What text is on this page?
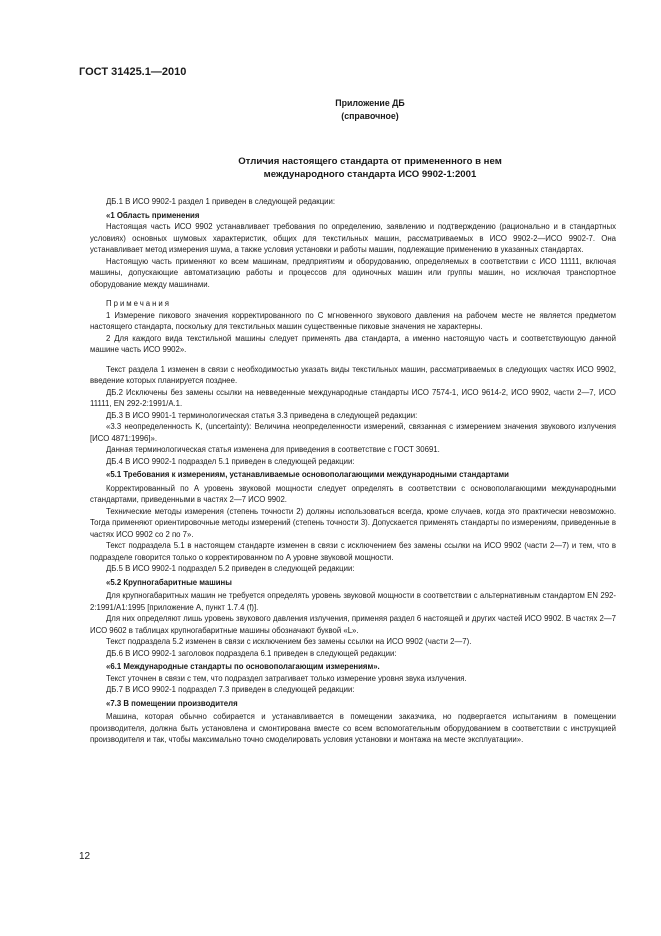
ГОСТ 31425.1—2010
Приложение ДБ
(справочное)
Отличия настоящего стандарта от примененного в нем
международного стандарта ИСО 9902-1:2001

ДБ.1 В ИСО 9902-1 раздел 1 приведен в следующей редакции:

«1 Область применения

Настоящая часть ИСО 9902 устанавливает требования по определению, заявлению и подтверждению (рационально и в стандартных условиях) основных шумовых характеристик, общих для текстильных машин, рассматриваемых в ИСО 9902-2—ИСО 9902-7. Она устанавливает метод измерения шума, а также условия установки и работы машин, подлежащие применению в указанных стандартах.

Настоящую часть применяют ко всем машинам, предприятиям и оборудованию, определяемых в соответствии с ИСО 11111, включая машины, допускающие автоматизацию работы и процессов для одиночных машин или группы машин, но исключая транспортное оборудование между машинами.

Примечания

1 Измерение пикового значения корректированного по С мгновенного звукового давления на рабочем месте не является предметом настоящего стандарта, поскольку для текстильных машин существенные пиковые значения не характерны.

2 Для каждого вида текстильной машины следует применять два стандарта, а именно настоящую часть и соответствующую данной машине часть ИСО 9902».

Текст раздела 1 изменен в связи с необходимостью указать виды текстильных машин, рассматриваемых в следующих частях ИСО 9902, введение которых планируется позднее.

ДБ.2 Исключены без замены ссылки на невведенные международные стандарты ИСО 7574-1, ИСО 9614-2, ИСО 9902, части 2—7, ИСО 11111, EN 292-2:1991/A.1.

ДБ.3 В ИСО 9901-1 терминологическая статья 3.3 приведена в следующей редакции:

«3.3 неопределенность K, (uncertainty): Величина неопределенности измерений, связанная с измерением значения звукового излучения [ИСО 4871:1996]».

Данная терминологическая статья изменена для приведения в соответствие с ГОСТ 30691.

ДБ.4 В ИСО 9902-1 подраздел 5.1 приведен в следующей редакции:

«5.1 Требования к измерениям, устанавливаемые основополагающими международными стандартами

Корректированный по А уровень звуковой мощности следует определять в соответствии с основополагающими международными стандартами, приведенными в частях 2—7 ИСО 9902.

Технические методы измерения (степень точности 2) должны использоваться всегда, кроме случаев, когда это практически невозможно. Тогда применяют ориентировочные методы измерений (степень точности 3). Допускается применять стандарты по измерениям, приведенные в частях ИСО 9902 со 2 по 7».

Текст подраздела 5.1 в настоящем стандарте изменен в связи с исключением без замены ссылки на ИСО 9902 (части 2—7) и тем, что в подразделе говорится только о корректированном по А уровне звуковой мощности.

ДБ.5 В ИСО 9902-1 подраздел 5.2 приведен в следующей редакции:

«5.2 Крупногабаритные машины

Для крупногабаритных машин не требуется определять уровень звуковой мощности в соответствии с альтернативным стандартом EN 292-2:1991/A1:1995 [приложение А, пункт 1.7.4 (f)].

Для них определяют лишь уровень звукового давления излучения, применяя раздел 6 настоящей и других частей ИСО 9902. В частях 2—7 ИСО 9602 в таблицах крупногабаритные машины обозначают буквой «L».

Текст подраздела 5.2 изменен в связи с исключением без замены ссылки на ИСО 9902 (части 2—7).

ДБ.6 В ИСО 9902-1 заголовок подраздела 6.1 приведен в следующей редакции:

«6.1 Международные стандарты по основополагающим измерениям».

Текст уточнен в связи с тем, что подраздел затрагивает только измерение уровня звука излучения.

ДБ.7 В ИСО 9902-1 подраздел 7.3 приведен в следующей редакции:

«7.3 В помещении производителя

Машина, которая обычно собирается и устанавливается в помещении заказчика, но подвергается испытаниям в помещении производителя, должна быть установлена и смонтирована вместе со всем вспомогательным оборудованием в соответствии с инструкцией производителя и так, чтобы максимально точно смоделировать условия установки и монтажа на месте эксплуатации».

12
